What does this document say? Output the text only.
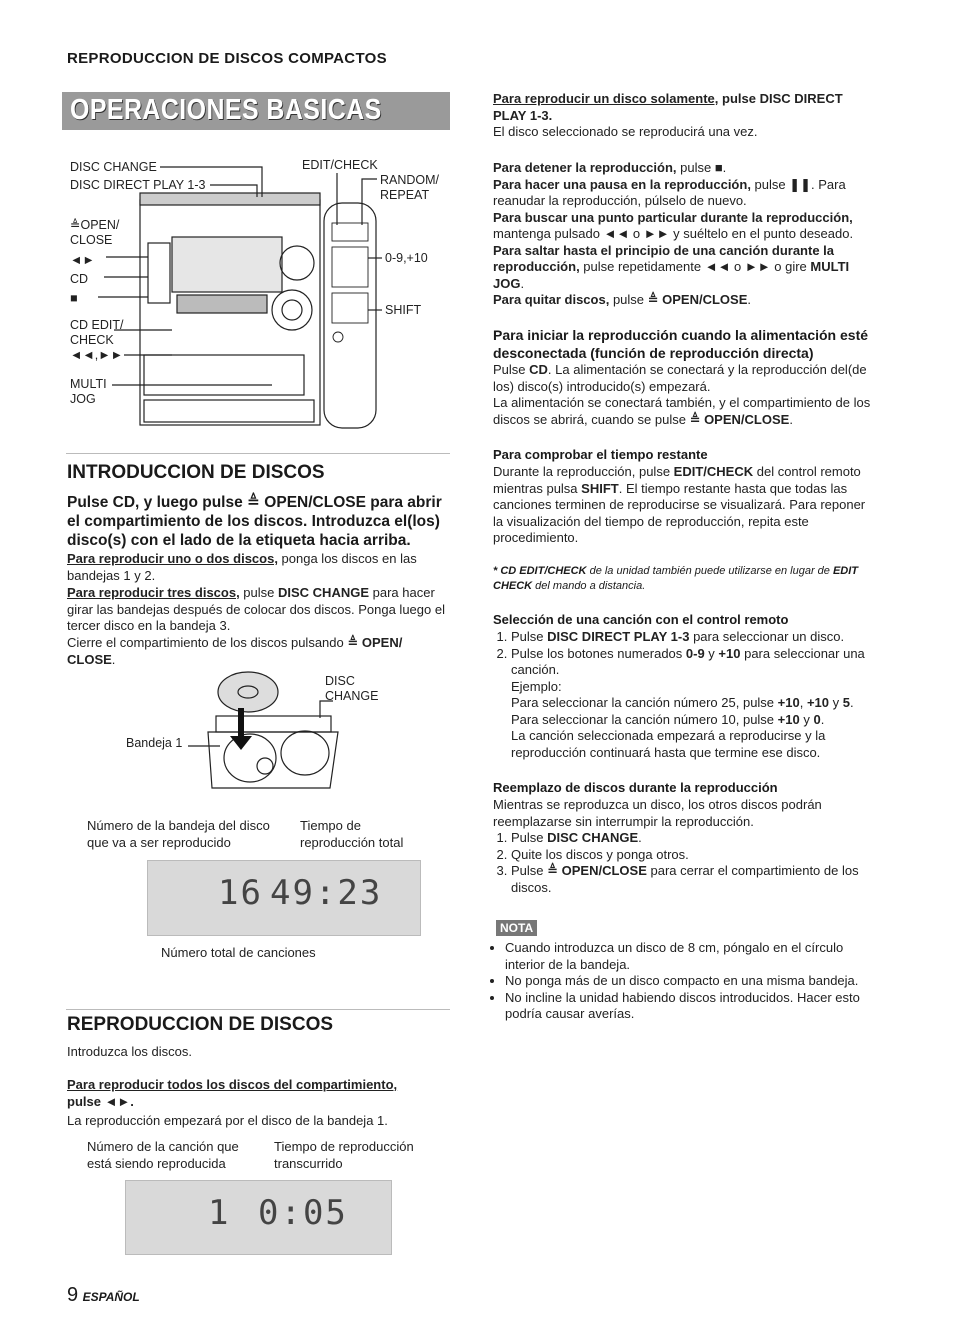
REPRODUCCION DE DISCOS COMPACTOS
OPERACIONES BASICAS
DISC CHANGE
DISC DIRECT PLAY 1-3
≜OPEN/ CLOSE
◄►
CD
■
CD EDIT/ CHECK
◄◄,►►
MULTI JOG
EDIT/CHECK
RANDOM/ REPEAT
0-9,+10
SHIFT
INTRODUCCION DE DISCOS
Pulse CD, y luego pulse ≜ OPEN/CLOSE para abrir el compartimiento de los discos. Introduzca el(los) disco(s) con el lado de la etiqueta hacia arriba.
Para reproducir uno o dos discos, ponga los discos en las bandejas 1 y 2.
Para reproducir tres discos, pulse DISC CHANGE para hacer girar las bandejas después de colocar dos discos. Ponga luego el tercer disco en la bandeja 3.
Cierre el compartimiento de los discos pulsando ≜ OPEN/ CLOSE.
DISC CHANGE
Bandeja 1
Número de la bandeja del disco que va a ser reproducido
Tiempo de reproducción total
16 49:23
Número total de canciones
REPRODUCCION DE DISCOS
Introduzca los discos.
Para reproducir todos los discos del compartimiento,
pulse ◄►.
La reproducción empezará por el disco de la bandeja 1.
Número de la canción que está siendo reproducida
Tiempo de reproducción transcurrido
1 0:05
9 ESPAÑOL
Para reproducir un disco solamente, pulse DISC DIRECT PLAY 1-3.
El disco seleccionado se reproducirá una vez.
Para detener la reproducción, pulse ■.
Para hacer una pausa en la reproducción, pulse ❚❚. Para reanudar la reproducción, púlselo de nuevo.
Para buscar una punto particular durante la reproducción, mantenga pulsado ◄◄ o ►► y suéltelo en el punto deseado.
Para saltar hasta el principio de una canción durante la reproducción, pulse repetidamente ◄◄ o ►► o gire MULTI JOG.
Para quitar discos, pulse ≜ OPEN/CLOSE.
Para iniciar la reproducción cuando la alimentación esté desconectada (función de reproducción directa)
Pulse CD. La alimentación se conectará y la reproducción del(de los) disco(s) introducido(s) empezará.
La alimentación se conectará también, y el compartimiento de los discos se abrirá, cuando se pulse ≜ OPEN/CLOSE.
Para comprobar el tiempo restante
Durante la reproducción, pulse EDIT/CHECK del control remoto mientras pulsa SHIFT. El tiempo restante hasta que todas las canciones terminen de reproducirse se visualizará. Para reponer la visualización del tiempo de reproducción, repita este procedimiento.
* CD EDIT/CHECK de la unidad también puede utilizarse en lugar de EDIT CHECK del mando a distancia.
Selección de una canción con el control remoto
1. Pulse DISC DIRECT PLAY 1-3 para seleccionar un disco.
2. Pulse los botones numerados 0-9 y +10 para seleccionar una canción.
Ejemplo:
Para seleccionar la canción número 25, pulse +10, +10 y 5.
Para seleccionar la canción número 10, pulse +10 y 0.
La canción seleccionada empezará a reproducirse y la reproducción continuará hasta que termine ese disco.
Reemplazo de discos durante la reproducción
Mientras se reproduzca un disco, los otros discos podrán reemplazarse sin interrumpir la reproducción.
1. Pulse DISC CHANGE.
2. Quite los discos y ponga otros.
3. Pulse ≜ OPEN/CLOSE para cerrar el compartimiento de los discos.
NOTA
• Cuando introduzca un disco de 8 cm, póngalo en el círculo interior de la bandeja.
• No ponga más de un disco compacto en una misma bandeja.
• No incline la unidad habiendo discos introducidos. Hacer esto podría causar averías.
